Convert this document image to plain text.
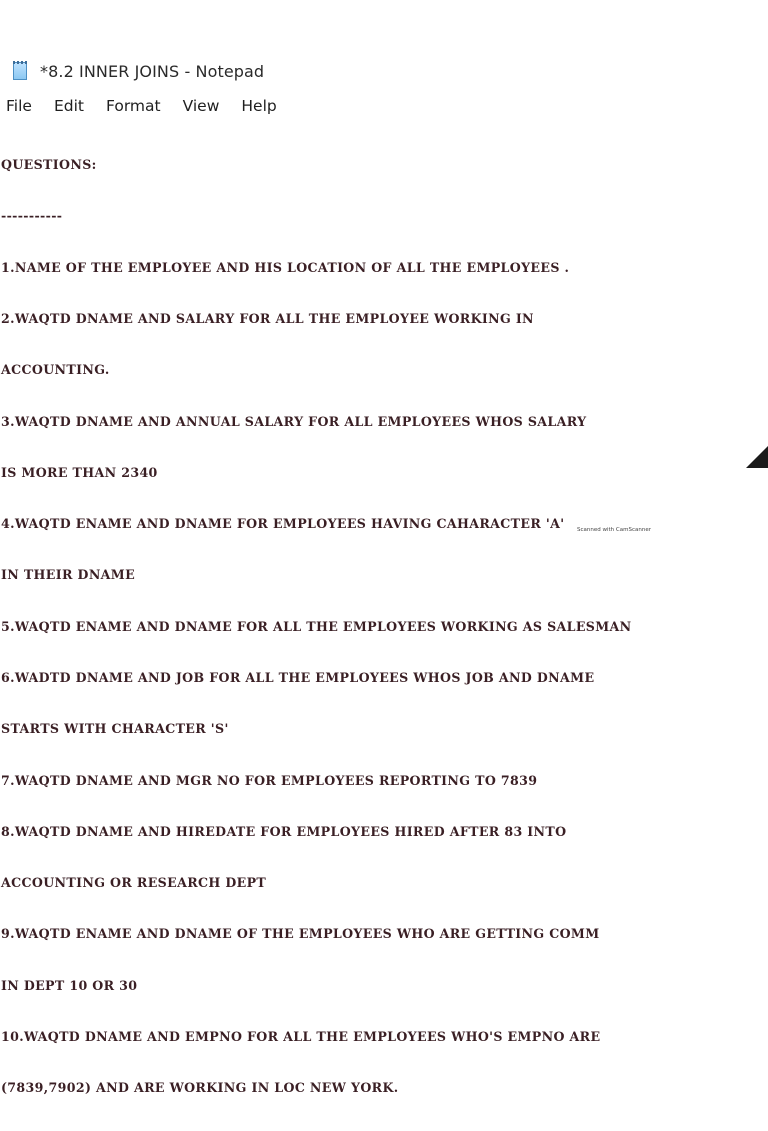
*8.2 INNER JOINS - Notepad
File Edit Format View Help

QUESTIONS:

-----------

1.NAME OF THE EMPLOYEE AND HIS LOCATION OF ALL THE EMPLOYEES .

2.WAQTD DNAME AND SALARY FOR ALL THE EMPLOYEE WORKING IN

ACCOUNTING.

3.WAQTD DNAME AND ANNUAL SALARY FOR ALL EMPLOYEES WHOS SALARY

IS MORE THAN 2340

4.WAQTD ENAME AND DNAME FOR EMPLOYEES HAVING CAHARACTER 'A'

IN THEIR DNAME

5.WAQTD ENAME AND DNAME FOR ALL THE EMPLOYEES WORKING AS SALESMAN

6.WADTD DNAME AND JOB FOR ALL THE EMPLOYEES WHOS JOB AND DNAME

STARTS WITH CHARACTER 'S'

7.WAQTD DNAME AND MGR NO FOR EMPLOYEES REPORTING TO 7839

8.WAQTD DNAME AND HIREDATE FOR EMPLOYEES HIRED AFTER 83 INTO

ACCOUNTING OR RESEARCH DEPT

9.WAQTD ENAME AND DNAME OF THE EMPLOYEES WHO ARE GETTING COMM

IN DEPT 10 OR 30

10.WAQTD DNAME AND EMPNO FOR ALL THE EMPLOYEES WHO'S EMPNO ARE

(7839,7902) AND ARE WORKING IN LOC NEW YORK.

Scanned with CamScanner
